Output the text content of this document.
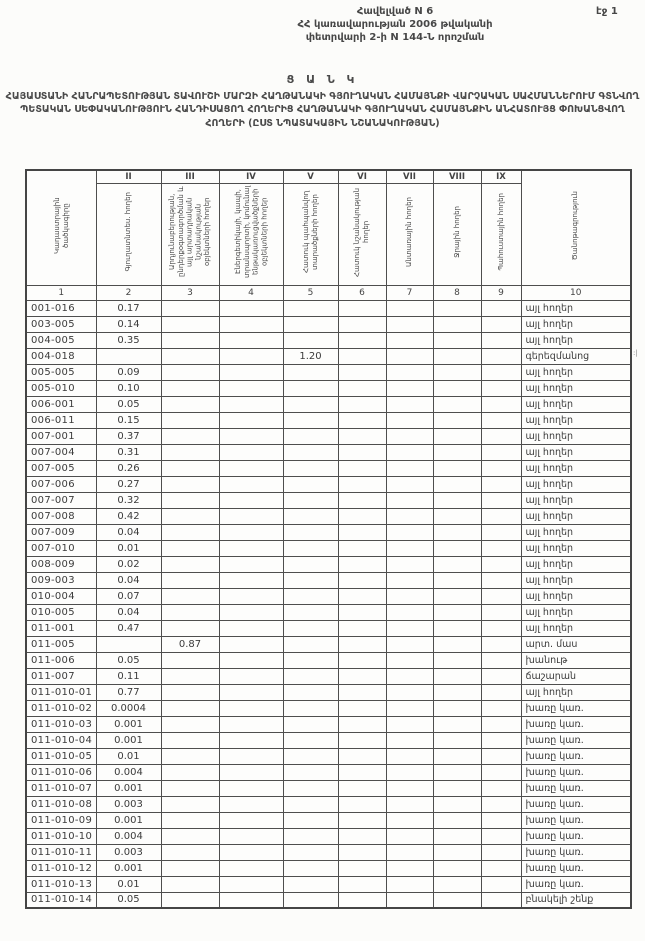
Հավելված N 6
ՀՀ կառավարության 2006 թվականի
փետրվարի 2-ի N 144-Ն որոշման
էջ 1
Ց Ա Ն Կ
ՀԱՅԱՍՏԱՆԻ ՀԱՆՐԱՊԵՏՈՒԹՅԱՆ ՏԱՎՈՒՇԻ ՄԱՐԶԻ ՀԱՂԹԱՆԱԿԻ ԳՅՈՒՂԱԿԱՆ ՀԱՄԱՅՆՔԻ ՎԱՐՉԱԿԱՆ ՍԱՀՄԱՆՆԵՐՈՒՄ ԳՏՆՎՈՂ ՊԵՏԱԿԱՆ ՍԵՓԱԿԱՆՈՒԹՅՈՒՆ ՀԱՆԴԻՍԱՑՈՂ ՀՈՂԵՐԻՑ ՀԱՂԹԱՆԱԿԻ ԳՅՈՒՂԱԿԱՆ ՀԱՄԱՅՆՔԻՆ ԱՆՀԱՏՈՒՅՑ ՓՈԽԱՆՑՎՈՂ ՀՈՂԵՐԻ (ԸՍՏ ՆՊԱՏԱԿԱՅԻՆ ՆՇԱՆԱԿՈՒԹՅԱՆ)
Կադաստրային ծածկագիրը	II	III	IV	V	VI	VII	VIII	IX	Ծանոթագրություն
	Գյուղատնտես. հողեր	Արդյունաբերության, ընդերքօգտագործման և այլ արտադրական նշանակության օբյեկտների հողեր	Էներգետիկայի, կապի, տրանսպորտի, կոմունալ ենթակառուցվածքների օբյեկտների հողեր	Հատուկ պահպանվող տարածքների հողեր	Հատուկ նշանակության հողեր	Անտառային հողեր	Ջրային հողեր	Պահուստային հողեր	
1	2	3	4	5	6	7	8	9	10
001-016	0.17								այլ հողեր
003-005	0.14								այլ հողեր
004-005	0.35								այլ հողեր
004-018				1.20					գերեզմանոց
005-005	0.09								այլ հողեր
005-010	0.10								այլ հողեր
006-001	0.05								այլ հողեր
006-011	0.15								այլ հողեր
007-001	0.37								այլ հողեր
007-004	0.31								այլ հողեր
007-005	0.26								այլ հողեր
007-006	0.27								այլ հողեր
007-007	0.32								այլ հողեր
007-008	0.42								այլ հողեր
007-009	0.04								այլ հողեր
007-010	0.01								այլ հողեր
008-009	0.02								այլ հողեր
009-003	0.04								այլ հողեր
010-004	0.07								այլ հողեր
010-005	0.04								այլ հողեր
011-001	0.47								այլ հողեր
011-005		0.87							արտ. մաս
011-006	0.05								խանութ
011-007	0.11								ճաշարան
011-010-01	0.77								այլ հողեր
011-010-02	0.0004								խառը կառ.
011-010-03	0.001								խառը կառ.
011-010-04	0.001								խառը կառ.
011-010-05	0.01								խառը կառ.
011-010-06	0.004								խառը կառ.
011-010-07	0.001								խառը կառ.
011-010-08	0.003								խառը կառ.
011-010-09	0.001								խառը կառ.
011-010-10	0.004								խառը կառ.
011-010-11	0.003								խառը կառ.
011-010-12	0.001								խառը կառ.
011-010-13	0.01								խառը կառ.
011-010-14	0.05								բնակելի շենք
:|
